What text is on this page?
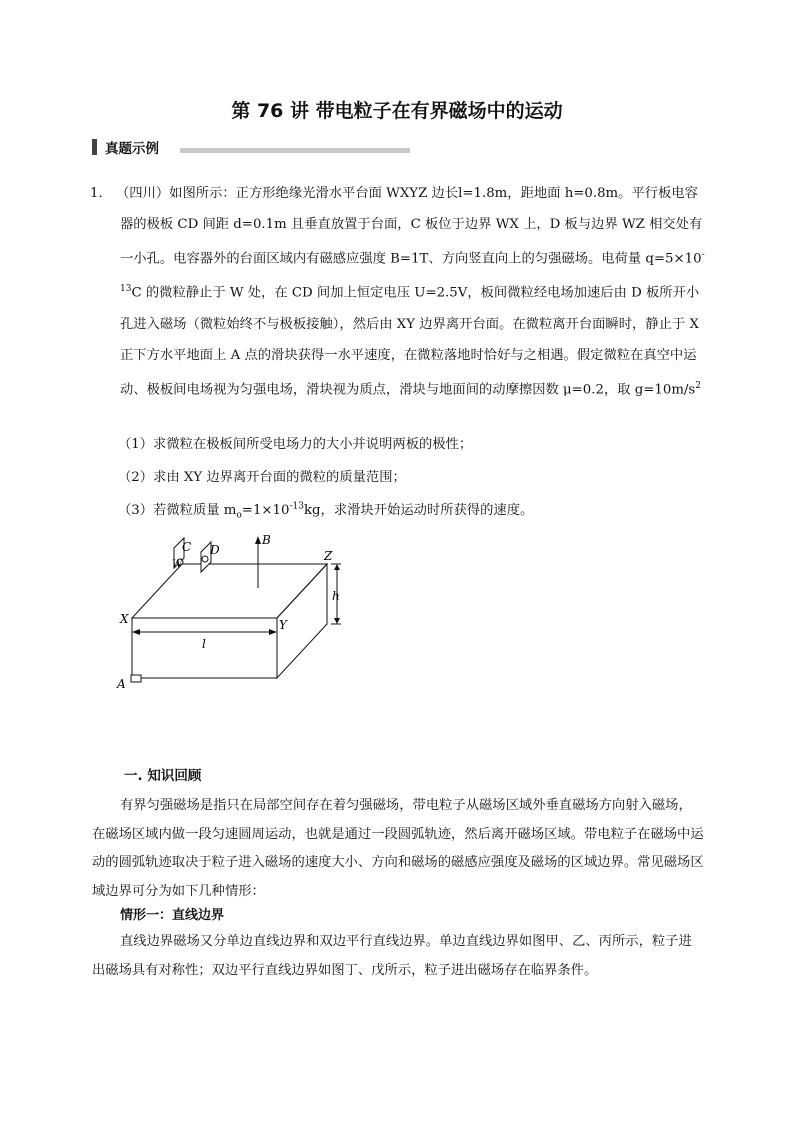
第 76 讲 带电粒子在有界磁场中的运动
真题示例
1． （四川）如图所示：正方形绝缘光滑水平台面 WXYZ 边长l=1.8m，距地面 h=0.8m。平行板电容器的极板 CD 间距 d=0.1m 且垂直放置于台面，C 板位于边界 WX 上，D 板与边界 WZ 相交处有一小孔。电容器外的台面区域内有磁感应强度 B=1T、方向竖直向上的匀强磁场。电荷量 $q=5\times 10^{-13}C$ 的微粒静止于 W 处，在 CD 间加上恒定电压 U=2.5V，板间微粒经电场加速后由 D 板所开小孔进入磁场（微粒始终不与极板接触），然后由 XY 边界离开台面。在微粒离开台面瞬时，静止于 X 正下方水平地面上 A 点的滑块获得一水平速度，在微粒落地时恰好与之相遇。假定微粒在真空中运动、极板间电场视为匀强电场，滑块视为质点，滑块与地面间的动摩擦因数 μ=0.2，取 $g=10m/s^2$
（1）求微粒在极板间所受电场力的大小并说明两板的极性；
（2）求由 XY 边界离开台面的微粒的质量范围；
（3）若微粒质量 $m_o=1\times 10^{-13}kg$，求滑块开始运动时所获得的速度。
C D
W
B
Z
h
X	Y
l
A
一. 知识回顾
有界匀强磁场是指只在局部空间存在着匀强磁场，带电粒子从磁场区域外垂直磁场方向射入磁场，在磁场区域内做一段匀速圆周运动，也就是通过一段圆弧轨迹，然后离开磁场区域。带电粒子在磁场中运动的圆弧轨迹取决于粒子进入磁场的速度大小、方向和磁场的磁感应强度及磁场的区域边界。常见磁场区域边界可分为如下几种情形：
情形一：直线边界
直线边界磁场又分单边直线边界和双边平行直线边界。单边直线边界如图甲、乙、丙所示，粒子进出磁场具有对称性；双边平行直线边界如图丁、戊所示，粒子进出磁场存在临界条件。
